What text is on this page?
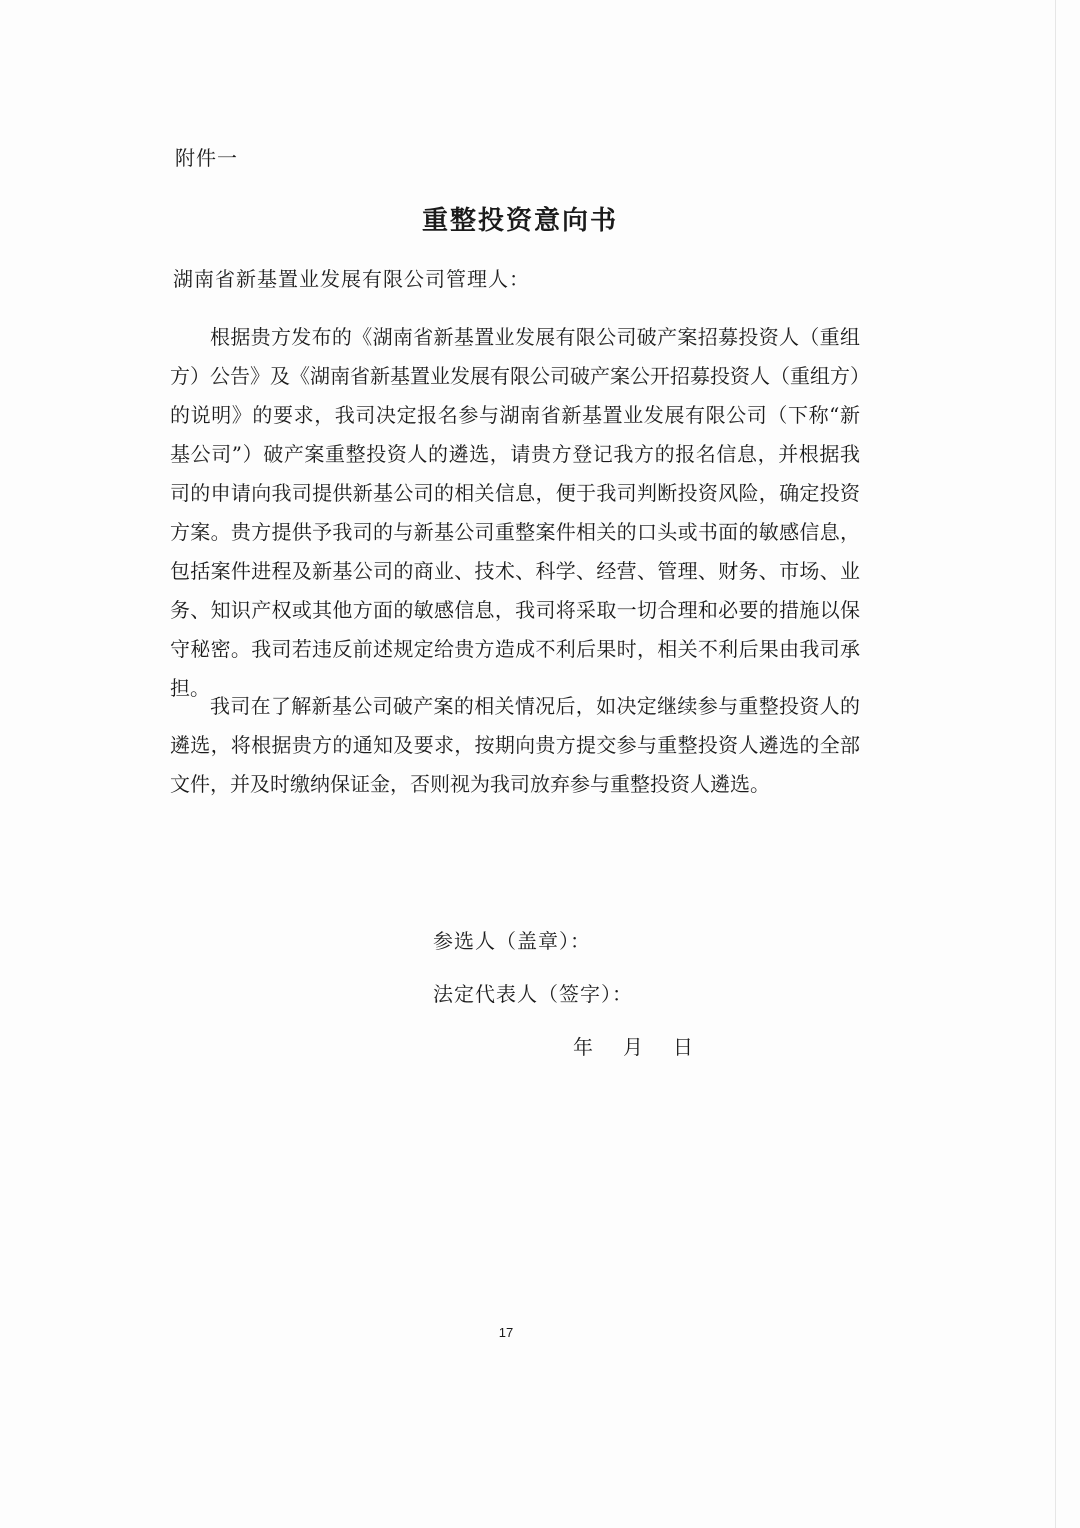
附件一
重整投资意向书
湖南省新基置业发展有限公司管理人：

根据贵方发布的《湖南省新基置业发展有限公司破产案招募投资人（重组方）公告》及《湖南省新基置业发展有限公司破产案公开招募投资人（重组方）的说明》的要求，我司决定报名参与湖南省新基置业发展有限公司（下称“新基公司”）破产案重整投资人的遴选，请贵方登记我方的报名信息，并根据我司的申请向我司提供新基公司的相关信息，便于我司判断投资风险，确定投资方案。贵方提供予我司的与新基公司重整案件相关的口头或书面的敏感信息，包括案件进程及新基公司的商业、技术、科学、经营、管理、财务、市场、业务、知识产权或其他方面的敏感信息，我司将采取一切合理和必要的措施以保守秘密。我司若违反前述规定给贵方造成不利后果时，相关不利后果由我司承担。

我司在了解新基公司破产案的相关情况后，如决定继续参与重整投资人的遴选，将根据贵方的通知及要求，按期向贵方提交参与重整投资人遴选的全部文件，并及时缴纳保证金，否则视为我司放弃参与重整投资人遴选。

参选人（盖章）：
法定代表人（签字）：
年 月 日
17
